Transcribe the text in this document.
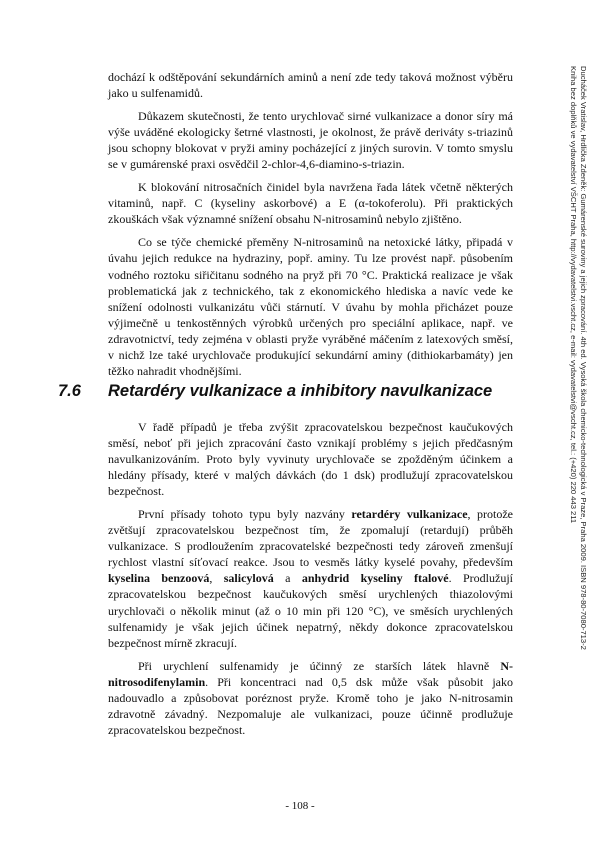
dochází k odštěpování sekundárních aminů a není zde tedy taková možnost výběru jako u sulfenamidů.

Důkazem skutečnosti, že tento urychlovač sirné vulkanizace a donor síry má výše uváděné ekologicky šetrné vlastnosti, je okolnost, že právě deriváty s-triazinů jsou schopny blokovat v pryži aminy pocházející z jiných surovin. V tomto smyslu se v gumárenské praxi osvědčil 2-chlor-4,6-diamino-s-triazin.

K blokování nitrosačních činidel byla navržena řada látek včetně některých vitaminů, např. C (kyseliny askorbové) a E (α-tokoferolu). Při praktických zkouškách však významné snížení obsahu N-nitrosaminů nebylo zjištěno.

Co se týče chemické přeměny N-nitrosaminů na netoxické látky, připadá v úvahu jejich redukce na hydraziny, popř. aminy. Tu lze provést např. působením vodného roztoku siřičitanu sodného na pryž při 70 °C. Praktická realizace je však problematická jak z technického, tak z ekonomického hlediska a navíc vede ke snížení odolnosti vulkanizátu vůči stárnutí. V úvahu by mohla přicházet pouze výjimečně u tenkostěnných výrobků určených pro speciální aplikace, např. ve zdravotnictví, tedy zejména v oblasti pryže vyráběné máčením z latexových směsí, v nichž lze také urychlovače produkující sekundární aminy (dithiokarbamáty) jen těžko nahradit vhodnějšími.

7.6 Retardéry vulkanizace a inhibitory navulkanizace

V řadě případů je třeba zvýšit zpracovatelskou bezpečnost kaučukových směsí, neboť při jejich zpracování často vznikají problémy s jejich předčasným navulkanizováním. Proto byly vyvinuty urychlovače se zpožděným účinkem a hledány přísady, které v malých dávkách (do 1 dsk) prodlužují zpracovatelskou bezpečnost.

První přísady tohoto typu byly nazvány retardéry vulkanizace, protože zvětšují zpracovatelskou bezpečnost tím, že zpomalují (retardují) průběh vulkanizace. S prodloužením zpracovatelské bezpečnosti tedy zároveň zmenšují rychlost vlastní síťovací reakce. Jsou to vesměs látky kyselé povahy, především kyselina benzoová, salicylová a anhydrid kyseliny ftalové. Prodlužují zpracovatelskou bezpečnost kaučukových směsí urychlených thiazolovými urychlovači o několik minut (až o 10 min při 120 °C), ve směsích urychlených sulfenamidy je však jejich účinek nepatrný, někdy dokonce zpracovatelskou bezpečnost mírně zkracují.

Při urychlení sulfenamidy je účinný ze starších látek hlavně N-nitrosodifenylamin. Při koncentraci nad 0,5 dsk může však působit jako nadouvadlo a způsobovat poréznost pryže. Kromě toho je jako N-nitrosamin zdravotně závadný. Nezpomaluje ale vulkanizaci, pouze účinně prodlužuje zpracovatelskou bezpečnost.

Ducháček Vratislav, Hrdlička Zdeněk: Gumárenské suroviny a jejich zpracování. 4th ed. Vysoká škola chemicko-technologická v Praze, Praha 2009. ISBN 978-80-7080-713-2
Kniha bez doplňků ve vydavatelství VŠCHT Praha, http://vydavatelstvi.vscht.cz, e-mail: vydavatelstvi@vscht.cz, tel.: (+420) 220 443 211
- 108 -
